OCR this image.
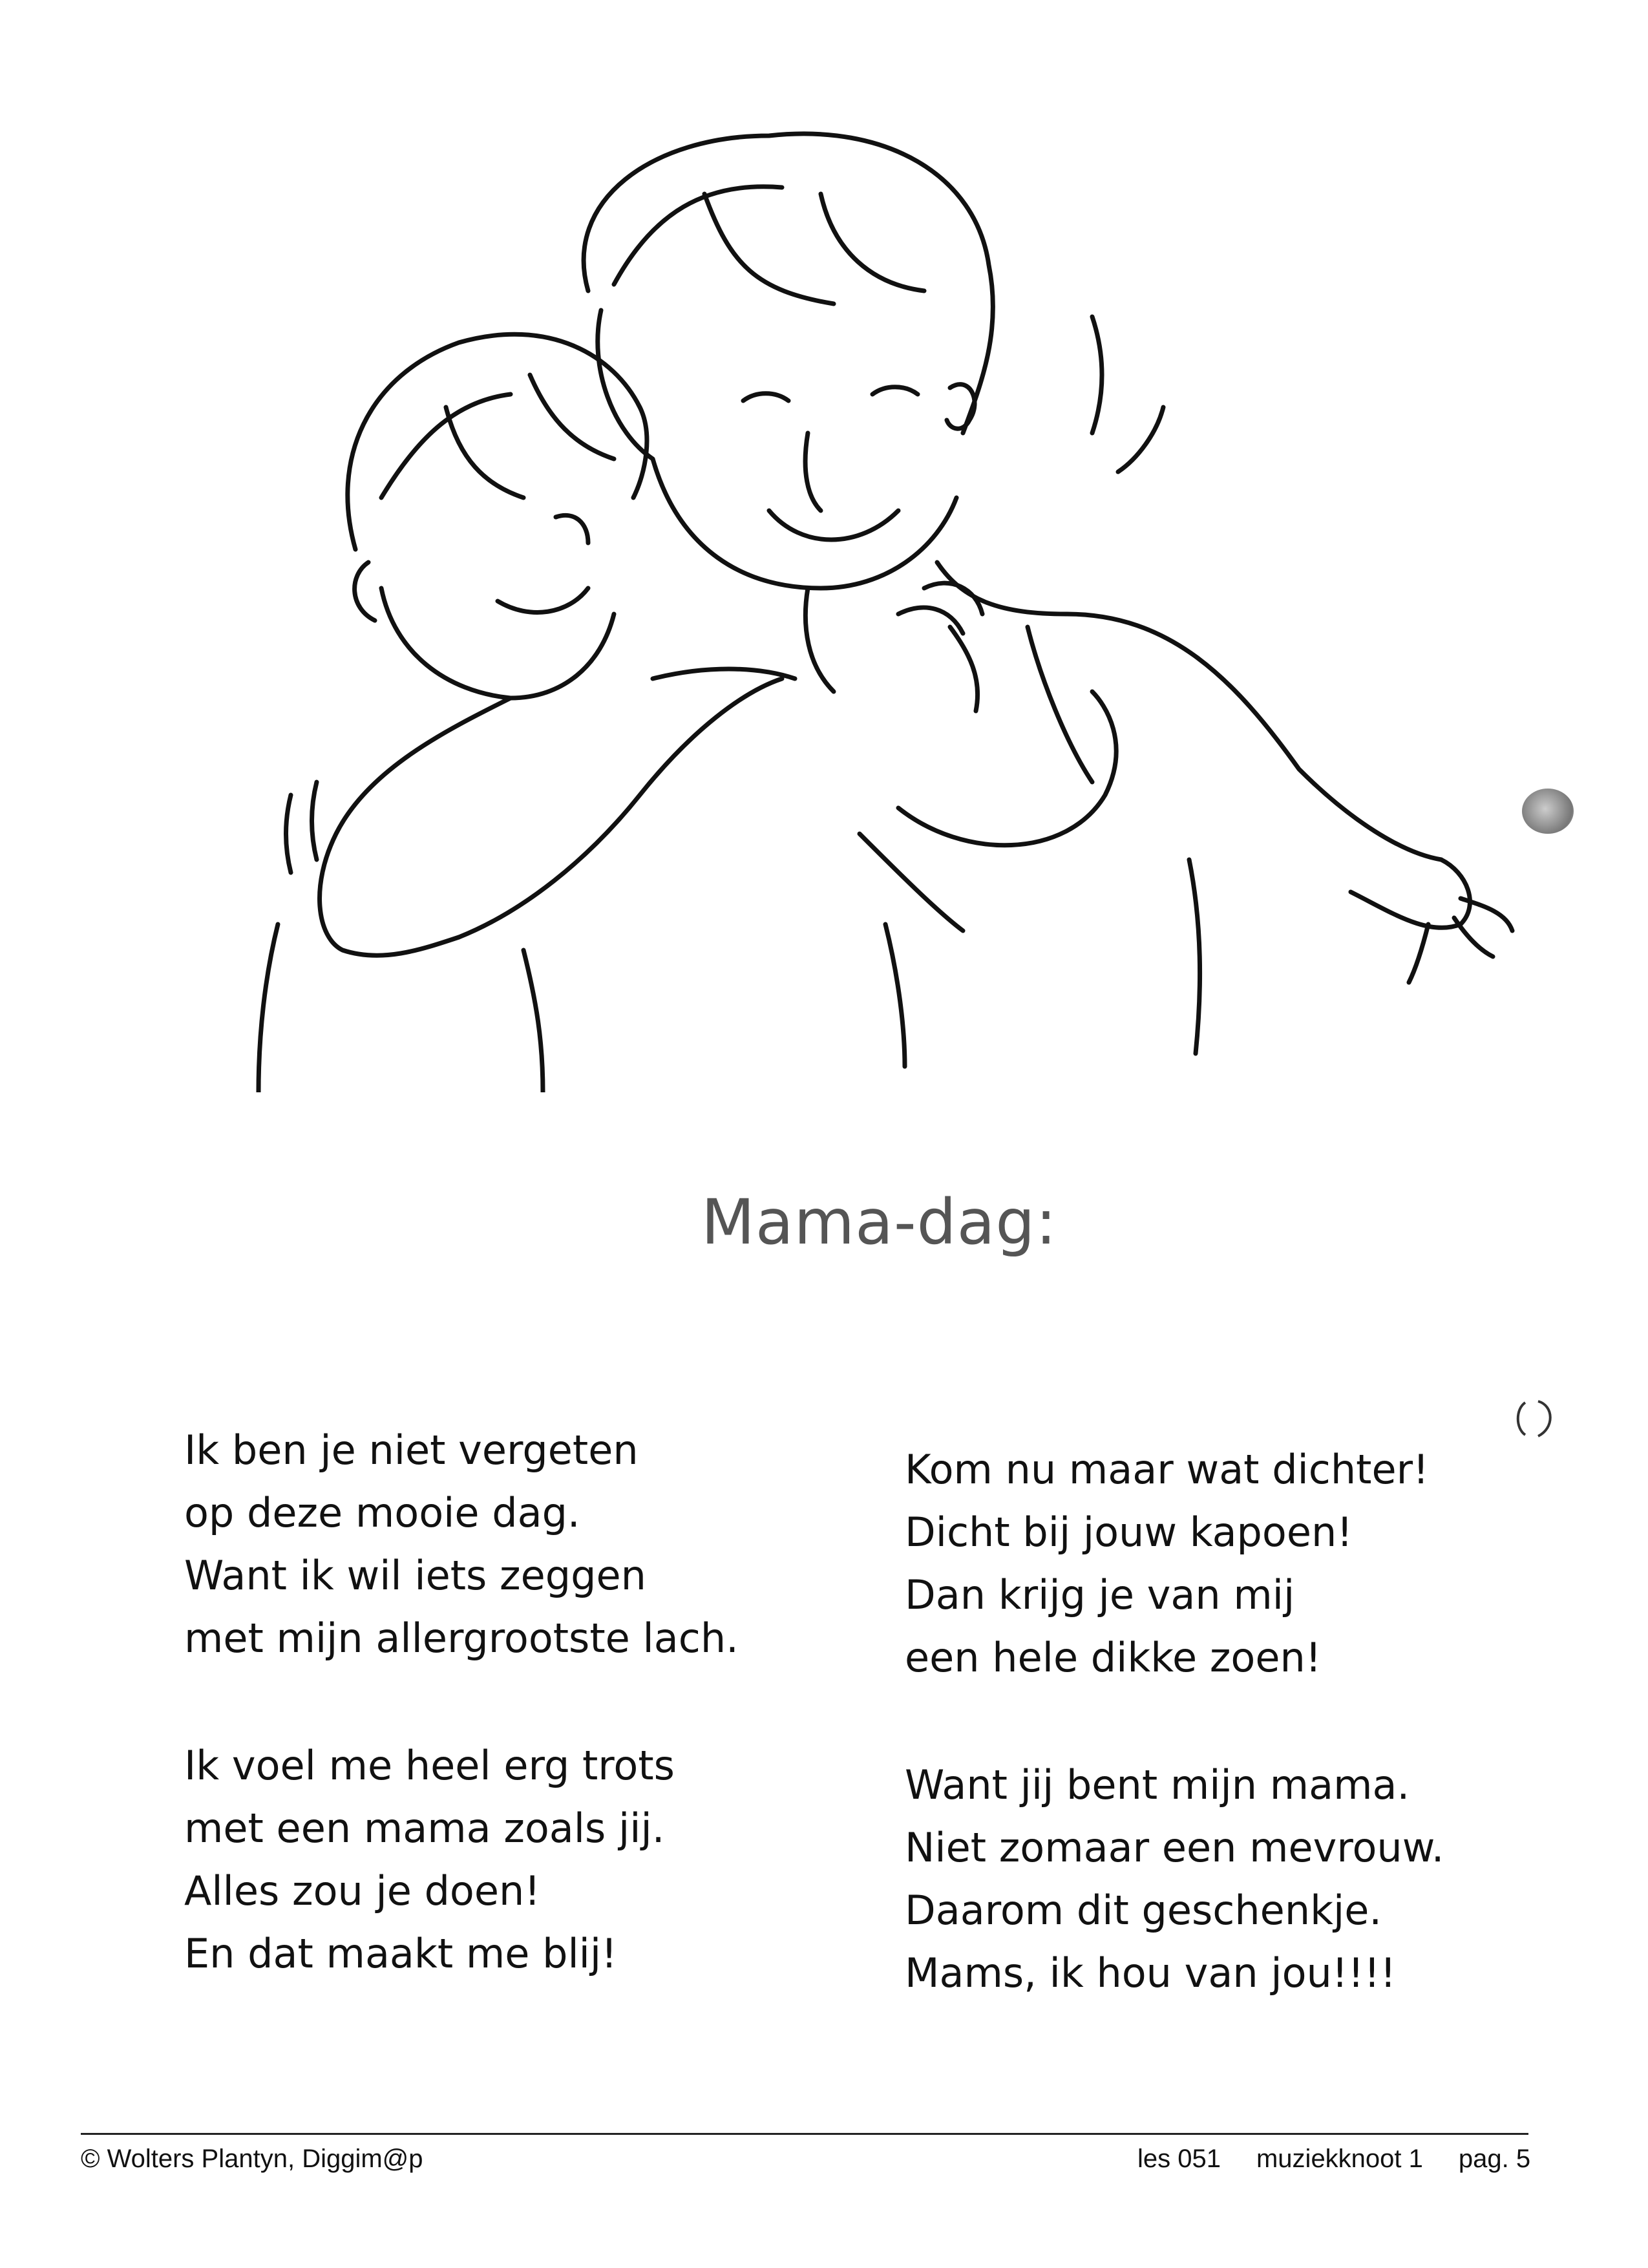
Mama-dag:
Ik ben je niet vergeten
op deze mooie dag.
Want ik wil iets zeggen
met mijn allergrootste lach.
Ik voel me heel erg trots
met een mama zoals jij.
Alles zou je doen!
En dat maakt me blij!
Kom nu maar wat dichter!
Dicht bij jouw kapoen!
Dan krijg je van mij
een hele dikke zoen!
Want jij bent mijn mama.
Niet zomaar een mevrouw.
Daarom dit geschenkje.
Mams, ik hou van jou!!!!
© Wolters Plantyn, Diggim@p	les 051 muziekknoot 1 pag. 5
